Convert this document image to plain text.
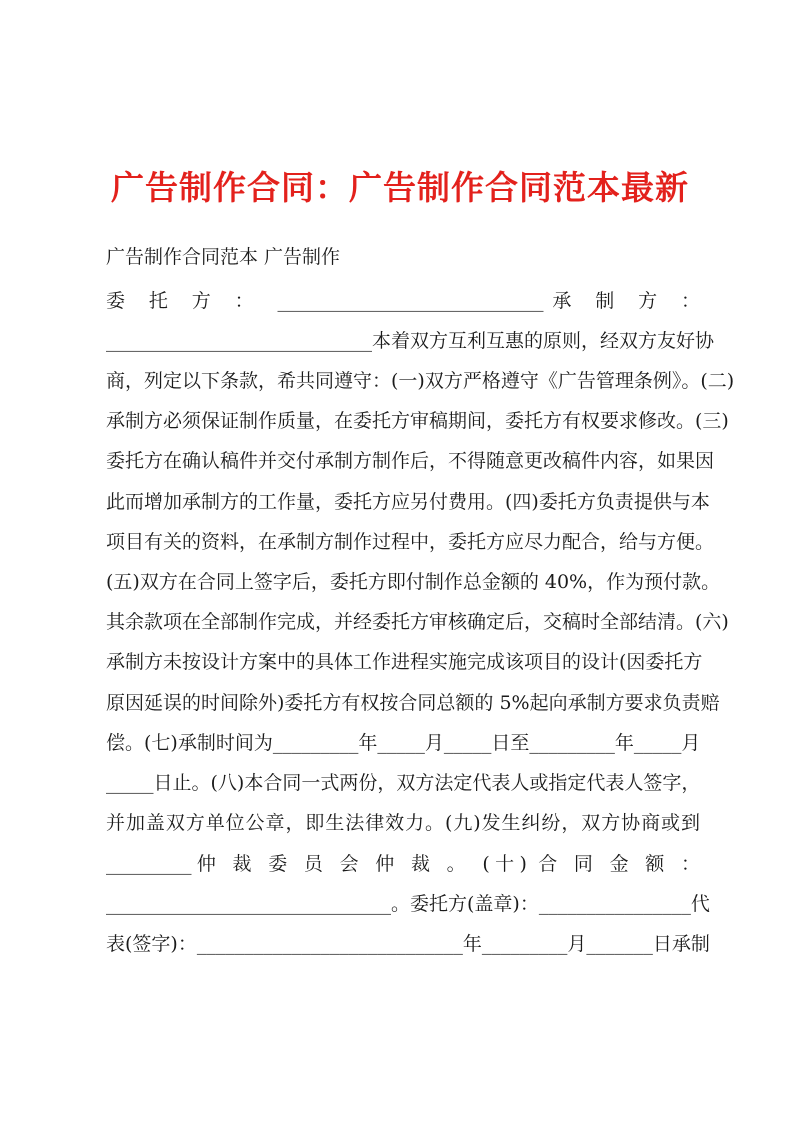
广告制作合同：广告制作合同范本最新
广告制作合同范本 广告制作
委 托 方 ： ____________________________承 制 方 ：
____________________________本着双方互利互惠的原则，经双方友好协
商，列定以下条款，希共同遵守：(一)双方严格遵守《广告管理条例》。(二)
承制方必须保证制作质量，在委托方审稿期间，委托方有权要求修改。(三)
委托方在确认稿件并交付承制方制作后，不得随意更改稿件内容，如果因
此而增加承制方的工作量，委托方应另付费用。(四)委托方负责提供与本
项目有关的资料，在承制方制作过程中，委托方应尽力配合，给与方便。
(五)双方在合同上签字后，委托方即付制作总金额的 40%，作为预付款。
其余款项在全部制作完成，并经委托方审核确定后，交稿时全部结清。(六)
承制方未按设计方案中的具体工作进程实施完成该项目的设计(因委托方
原因延误的时间除外)委托方有权按合同总额的 5%起向承制方要求负责赔
偿。(七)承制时间为_________年_____月_____日至_________年_____月
_____日止。(八)本合同一式两份，双方法定代表人或指定代表人签字，
并加盖双方单位公章，即生法律效力。(九)发生纠纷，双方协商或到
_________仲 裁 委 员 会 仲 裁 。 (十) 合 同 金 额 ：
______________________________。委托方(盖章)：________________代
表(签字)：____________________________年_________月_______日承制
